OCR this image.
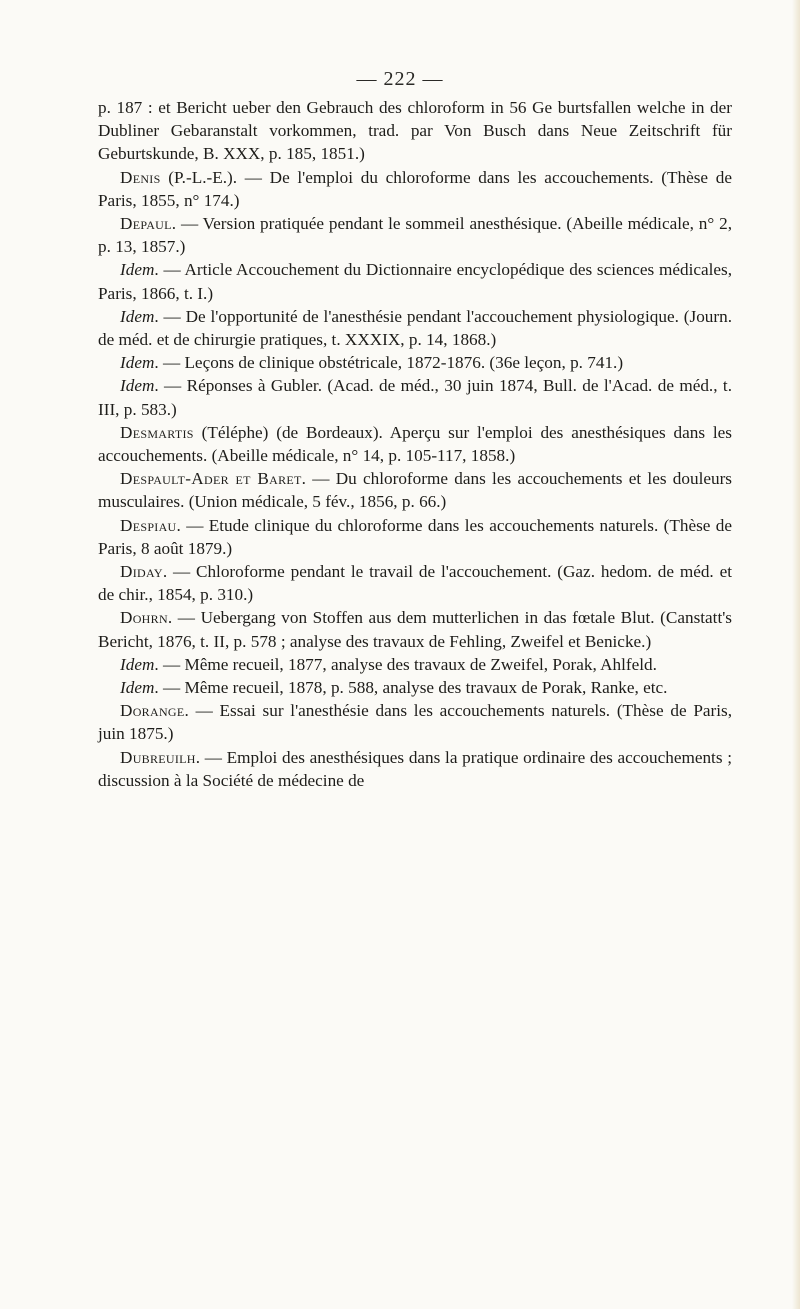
— 222 —

p. 187 : et Bericht ueber den Gebrauch des chloroform in 56 Ge burtsfallen welche in der Dubliner Gebaranstalt vorkommen, trad. par Von Busch dans Neue Zeitschrift für Geburtskunde, B. XXX, p. 185, 1851.)

Denis (P.-L.-E.). — De l'emploi du chloroforme dans les accouchements. (Thèse de Paris, 1855, n° 174.)

Depaul. — Version pratiquée pendant le sommeil anesthésique. (Abeille médicale, n° 2, p. 13, 1857.)

Idem. — Article Accouchement du Dictionnaire encyclopédique des sciences médicales, Paris, 1866, t. I.)

Idem. — De l'opportunité de l'anesthésie pendant l'accouchement physiologique. (Journ. de méd. et de chirurgie pratiques, t. XXXIX, p. 14, 1868.)

Idem. — Leçons de clinique obstétricale, 1872-1876. (36e leçon, p. 741.)

Idem. — Réponses à Gubler. (Acad. de méd., 30 juin 1874, Bull. de l'Acad. de méd., t. III, p. 583.)

Desmartis (Téléphe) (de Bordeaux). Aperçu sur l'emploi des anesthésiques dans les accouchements. (Abeille médicale, n° 14, p. 105-117, 1858.)

Despault-Ader et Baret. — Du chloroforme dans les accouchements et les douleurs musculaires. (Union médicale, 5 fév., 1856, p. 66.)

Despiau. — Etude clinique du chloroforme dans les accouchements naturels. (Thèse de Paris, 8 août 1879.)

Diday. — Chloroforme pendant le travail de l'accouchement. (Gaz. hedom. de méd. et de chir., 1854, p. 310.)

Dohrn. — Uebergang von Stoffen aus dem mutterlichen in das fœtale Blut. (Canstatt's Bericht, 1876, t. II, p. 578 ; analyse des travaux de Fehling, Zweifel et Benicke.)

Idem. — Même recueil, 1877, analyse des travaux de Zweifel, Porak, Ahlfeld.

Idem. — Même recueil, 1878, p. 588, analyse des travaux de Porak, Ranke, etc.

Dorange. — Essai sur l'anesthésie dans les accouchements naturels. (Thèse de Paris, juin 1875.)

Dubreuilh. — Emploi des anesthésiques dans la pratique ordinaire des accouchements ; discussion à la Société de médecine de
